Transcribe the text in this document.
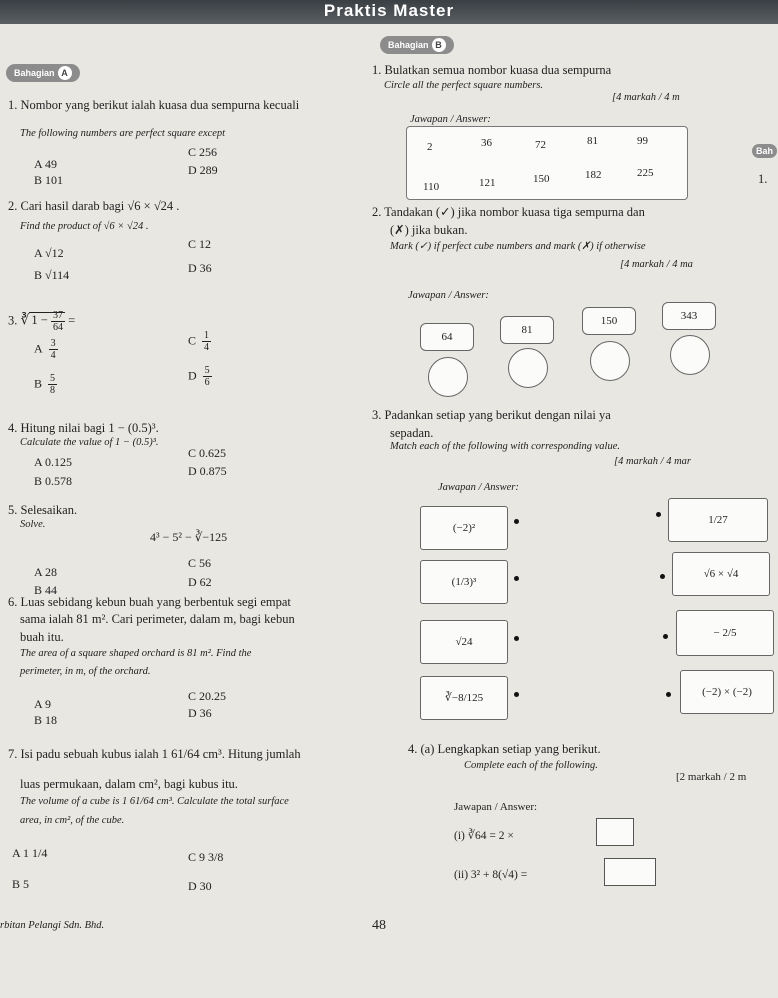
Praktis Master
Bahagian A
1. Nombor yang berikut ialah kuasa dua sempurna kecuali
The following numbers are perfect square except
A 49
B 101
C 256
D 289
2. Cari hasil darab bagi √6 × √24 .
Find the product of √6 × √24 .
A √12
B √114
C 12
D 36
3. ∛ $1 - \frac{37}{64}$ =
A $\frac{3}{4}$
B $\frac{5}{8}$
C $\frac{1}{4}$
D $\frac{5}{6}$
4. Hitung nilai bagi 1 − (0.5)³.
Calculate the value of 1 − (0.5)³.
A 0.125
B 0.578
C 0.625
D 0.875
5. Selesaikan.
Solve.
4³ − 5² − ∛−125
A 28
B 44
C 56
D 62
6. Luas sebidang kebun buah yang berbentuk segi empat
sama ialah 81 m². Cari perimeter, dalam m, bagi kebun
buah itu.
The area of a square shaped orchard is 81 m². Find the
perimeter, in m, of the orchard.
A 9
B 18
C 20.25
D 36
7. Isi padu sebuah kubus ialah 1 61/64 cm³. Hitung jumlah
luas permukaan, dalam cm², bagi kubus itu.
The volume of a cube is 1 61/64 cm³. Calculate the total surface
area, in cm², of the cube.
A 1 1/4
B 5
C 9 3/8
D 30
rbitan Pelangi Sdn. Bhd.	48
Bahagian B
1. Bulatkan semua nombor kuasa dua sempurna
Circle all the perfect square numbers.
[4 markah / 4 m
Jawapan / Answer:
2	36	72	81	99
110	121	150	182	225
Bah
1.
2. Tandakan (✓) jika nombor kuasa tiga sempurna dan
(✗) jika bukan.
Mark (✓) if perfect cube numbers and mark (✗) if otherwise
[4 markah / 4 ma
Jawapan / Answer:
64
81
150	343
3. Padankan setiap yang berikut dengan nilai ya
sepadan.
Match each of the following with corresponding value.
[4 markah / 4 mar
Jawapan / Answer:
(−2)²
(1/3)³
√24
∛−8/125
1/27
√6 × √4
− 2/5
(−2) × (−2)
4. (a) Lengkapkan setiap yang berikut.
Complete each of the following.
[2 markah / 2 m
Jawapan / Answer:
(i) ∛64 = 2 ×
(ii) 3² + 8(√4) =
